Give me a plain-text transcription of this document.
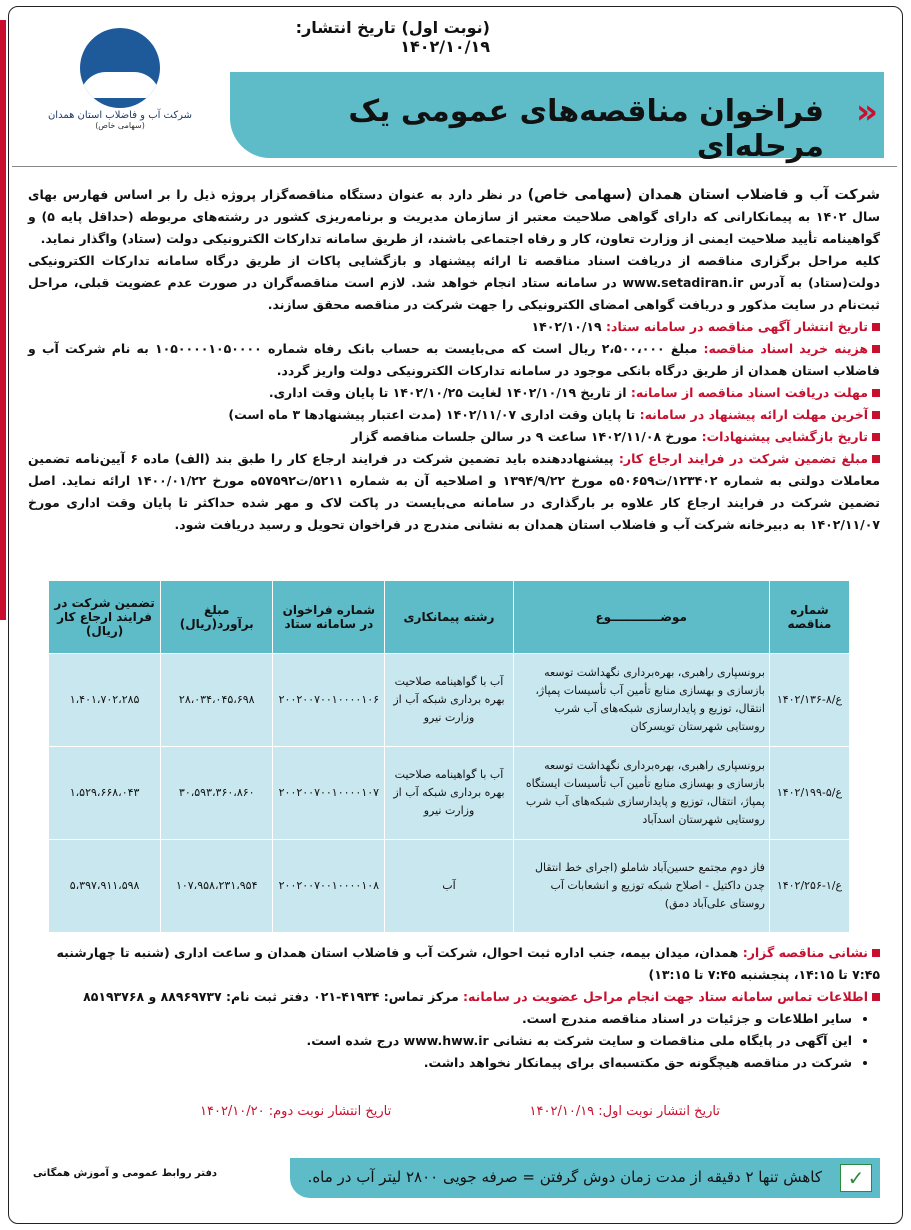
(نوبت اول) تاریخ انتشار: ۱۴۰۲/۱۰/۱۹
شرکت آب و فاضلاب استان همدان
(سهامی خاص)	»
فراخوان مناقصه‌های عمومی یک مرحله‌ای

شرکت آب و فاضلاب استان همدان (سهامی خاص) در نظر دارد به عنوان دستگاه مناقصه‌گزار پروژه ذیل را بر اساس فهارس بهای سال ۱۴۰۲ به پیمانکارانی که دارای گواهی صلاحیت معتبر از سازمان مدیریت و برنامه‌ریزی کشور در رشته‌های مربوطه (حداقل پایه ۵) و گواهینامه تأیید صلاحیت ایمنی از وزارت تعاون، کار و رفاه اجتماعی باشند، از طریق سامانه تدارکات الکترونیکی دولت (ستاد) واگذار نماید.

کلیه مراحل برگزاری مناقصه از دریافت اسناد مناقصه تا ارائه پیشنهاد و بازگشایی پاکات از طریق درگاه سامانه تدارکات الکترونیکی دولت(ستاد) به آدرس www.setadiran.ir در سامانه ستاد انجام خواهد شد. لازم است مناقصه‌گران در صورت عدم عضویت قبلی، مراحل ثبت‌نام در سایت مذکور و دریافت گواهی امضای الکترونیکی را جهت شرکت در مناقصه محقق سازند.

تاریخ انتشار آگهی مناقصه در سامانه ستاد: ۱۴۰۲/۱۰/۱۹

هزینه خرید اسناد مناقصه: مبلغ ۲،۵۰۰،۰۰۰ ریال است که می‌بایست به حساب بانک رفاه شماره ۱۰۵۰۰۰۰۱۰۵۰۰۰۰ به نام شرکت آب و فاضلاب استان همدان از طریق درگاه بانکی موجود در سامانه تدارکات الکترونیکی دولت واریز گردد.

مهلت دریافت اسناد مناقصه از سامانه: از تاریخ ۱۴۰۲/۱۰/۱۹ لغایت ۱۴۰۲/۱۰/۲۵ تا پایان وقت اداری.

آخرین مهلت ارائه پیشنهاد در سامانه: تا پایان وقت اداری ۱۴۰۲/۱۱/۰۷ (مدت اعتبار پیشنهادها ۳ ماه است)

تاریخ بازگشایی پیشنهادات: مورخ ۱۴۰۲/۱۱/۰۸ ساعت ۹ در سالن جلسات مناقصه گزار

مبلغ تضمین شرکت در فرایند ارجاع کار: پیشنهاددهنده باید تضمین شرکت در فرایند ارجاع کار را طبق بند (الف) ماده ۶ آیین‌نامه تضمین معاملات دولتی به شماره ۱۲۳۴۰۲/ت۵۰۶۵۹ه مورخ ۱۳۹۴/۹/۲۲ و اصلاحیه آن به شماره ۵۲۱۱/ت۵۷۵۹۲ه مورخ ۱۴۰۰/۰۱/۲۲ ارائه نماید. اصل تضمین شرکت در فرایند ارجاع کار علاوه بر بارگذاری در سامانه می‌بایست در پاکت لاک و مهر شده حداکثر تا پایان وقت اداری مورخ ۱۴۰۲/۱۱/۰۷ به دبیرخانه شرکت آب و فاضلاب استان همدان به نشانی مندرج در فراخوان تحویل و رسید دریافت شود.

شماره مناقصه	موضــــــــــــوع	رشته پیمانکاری	شماره فراخوان در سامانه ستاد	مبلغ برآورد(ریال)	تضمین شرکت در فرایند ارجاع کار (ریال)
ع/۸-۱۴۰۲/۱۳۶	برونسپاری راهبری، بهره‌برداری نگهداشت توسعه بازسازی و بهسازی منابع تأمین آب تأسیسات پمپاژ، انتقال، توزیع و پایدارسازی شبکه‌های آب شرب روستایی شهرستان تویسرکان	آب با گواهینامه صلاحیت بهره برداری شبکه آب از وزارت نیرو	۲۰۰۲۰۰۷۰۰۱۰۰۰۰۱۰۶	۲۸،۰۳۴،۰۴۵،۶۹۸	۱،۴۰۱،۷۰۲،۲۸۵
ع/۵-۱۴۰۲/۱۹۹	برونسپاری راهبری، بهره‌برداری نگهداشت توسعه بازسازی و بهسازی منابع تأمین آب تأسیسات ایستگاه پمپاژ، انتقال، توزیع و پایدارسازی شبکه‌های آب شرب روستایی شهرستان اسدآباد	آب با گواهینامه صلاحیت بهره برداری شبکه آب از وزارت نیرو	۲۰۰۲۰۰۷۰۰۱۰۰۰۰۱۰۷	۳۰،۵۹۳،۳۶۰،۸۶۰	۱،۵۲۹،۶۶۸،۰۴۳
ع/۱-۱۴۰۲/۲۵۶	فاز دوم مجتمع حسین‌آباد شاملو (اجرای خط انتقال چدن داکتیل - اصلاح شبکه توزیع و انشعابات آب روستای علی‌آباد دمق)	آب	۲۰۰۲۰۰۷۰۰۱۰۰۰۰۱۰۸	۱۰۷،۹۵۸،۲۳۱،۹۵۴	۵،۳۹۷،۹۱۱،۵۹۸

نشانی مناقصه گزار: همدان، میدان بیمه، جنب اداره ثبت احوال، شرکت آب و فاضلاب استان همدان و ساعت اداری (شنبه تا چهارشنبه ۷:۴۵ تا ۱۴:۱۵، پنجشنبه ۷:۴۵ تا ۱۳:۱۵)

اطلاعات تماس سامانه ستاد جهت انجام مراحل عضویت در سامانه: مرکز تماس: ۴۱۹۳۴-۰۲۱ دفتر ثبت نام: ۸۸۹۶۹۷۳۷ و ۸۵۱۹۳۷۶۸

• سایر اطلاعات و جزئیات در اسناد مناقصه مندرج است.
• این آگهی در پایگاه ملی مناقصات و سایت شرکت به نشانی www.hww.ir درج شده است.
• شرکت در مناقصه هیچگونه حق مکتسبه‌ای برای پیمانکار نخواهد داشت.
تاریخ انتشار نوبت اول: ۱۴۰۲/۱۰/۱۹
تاریخ انتشار نوبت دوم: ۱۴۰۲/۱۰/۲۰
✓
کاهش تنها ۲ دقیقه از مدت زمان دوش گرفتن = صرفه جویی ۲۸۰۰ لیتر آب در ماه.
دفتر روابط عمومی و آموزش همگانی
